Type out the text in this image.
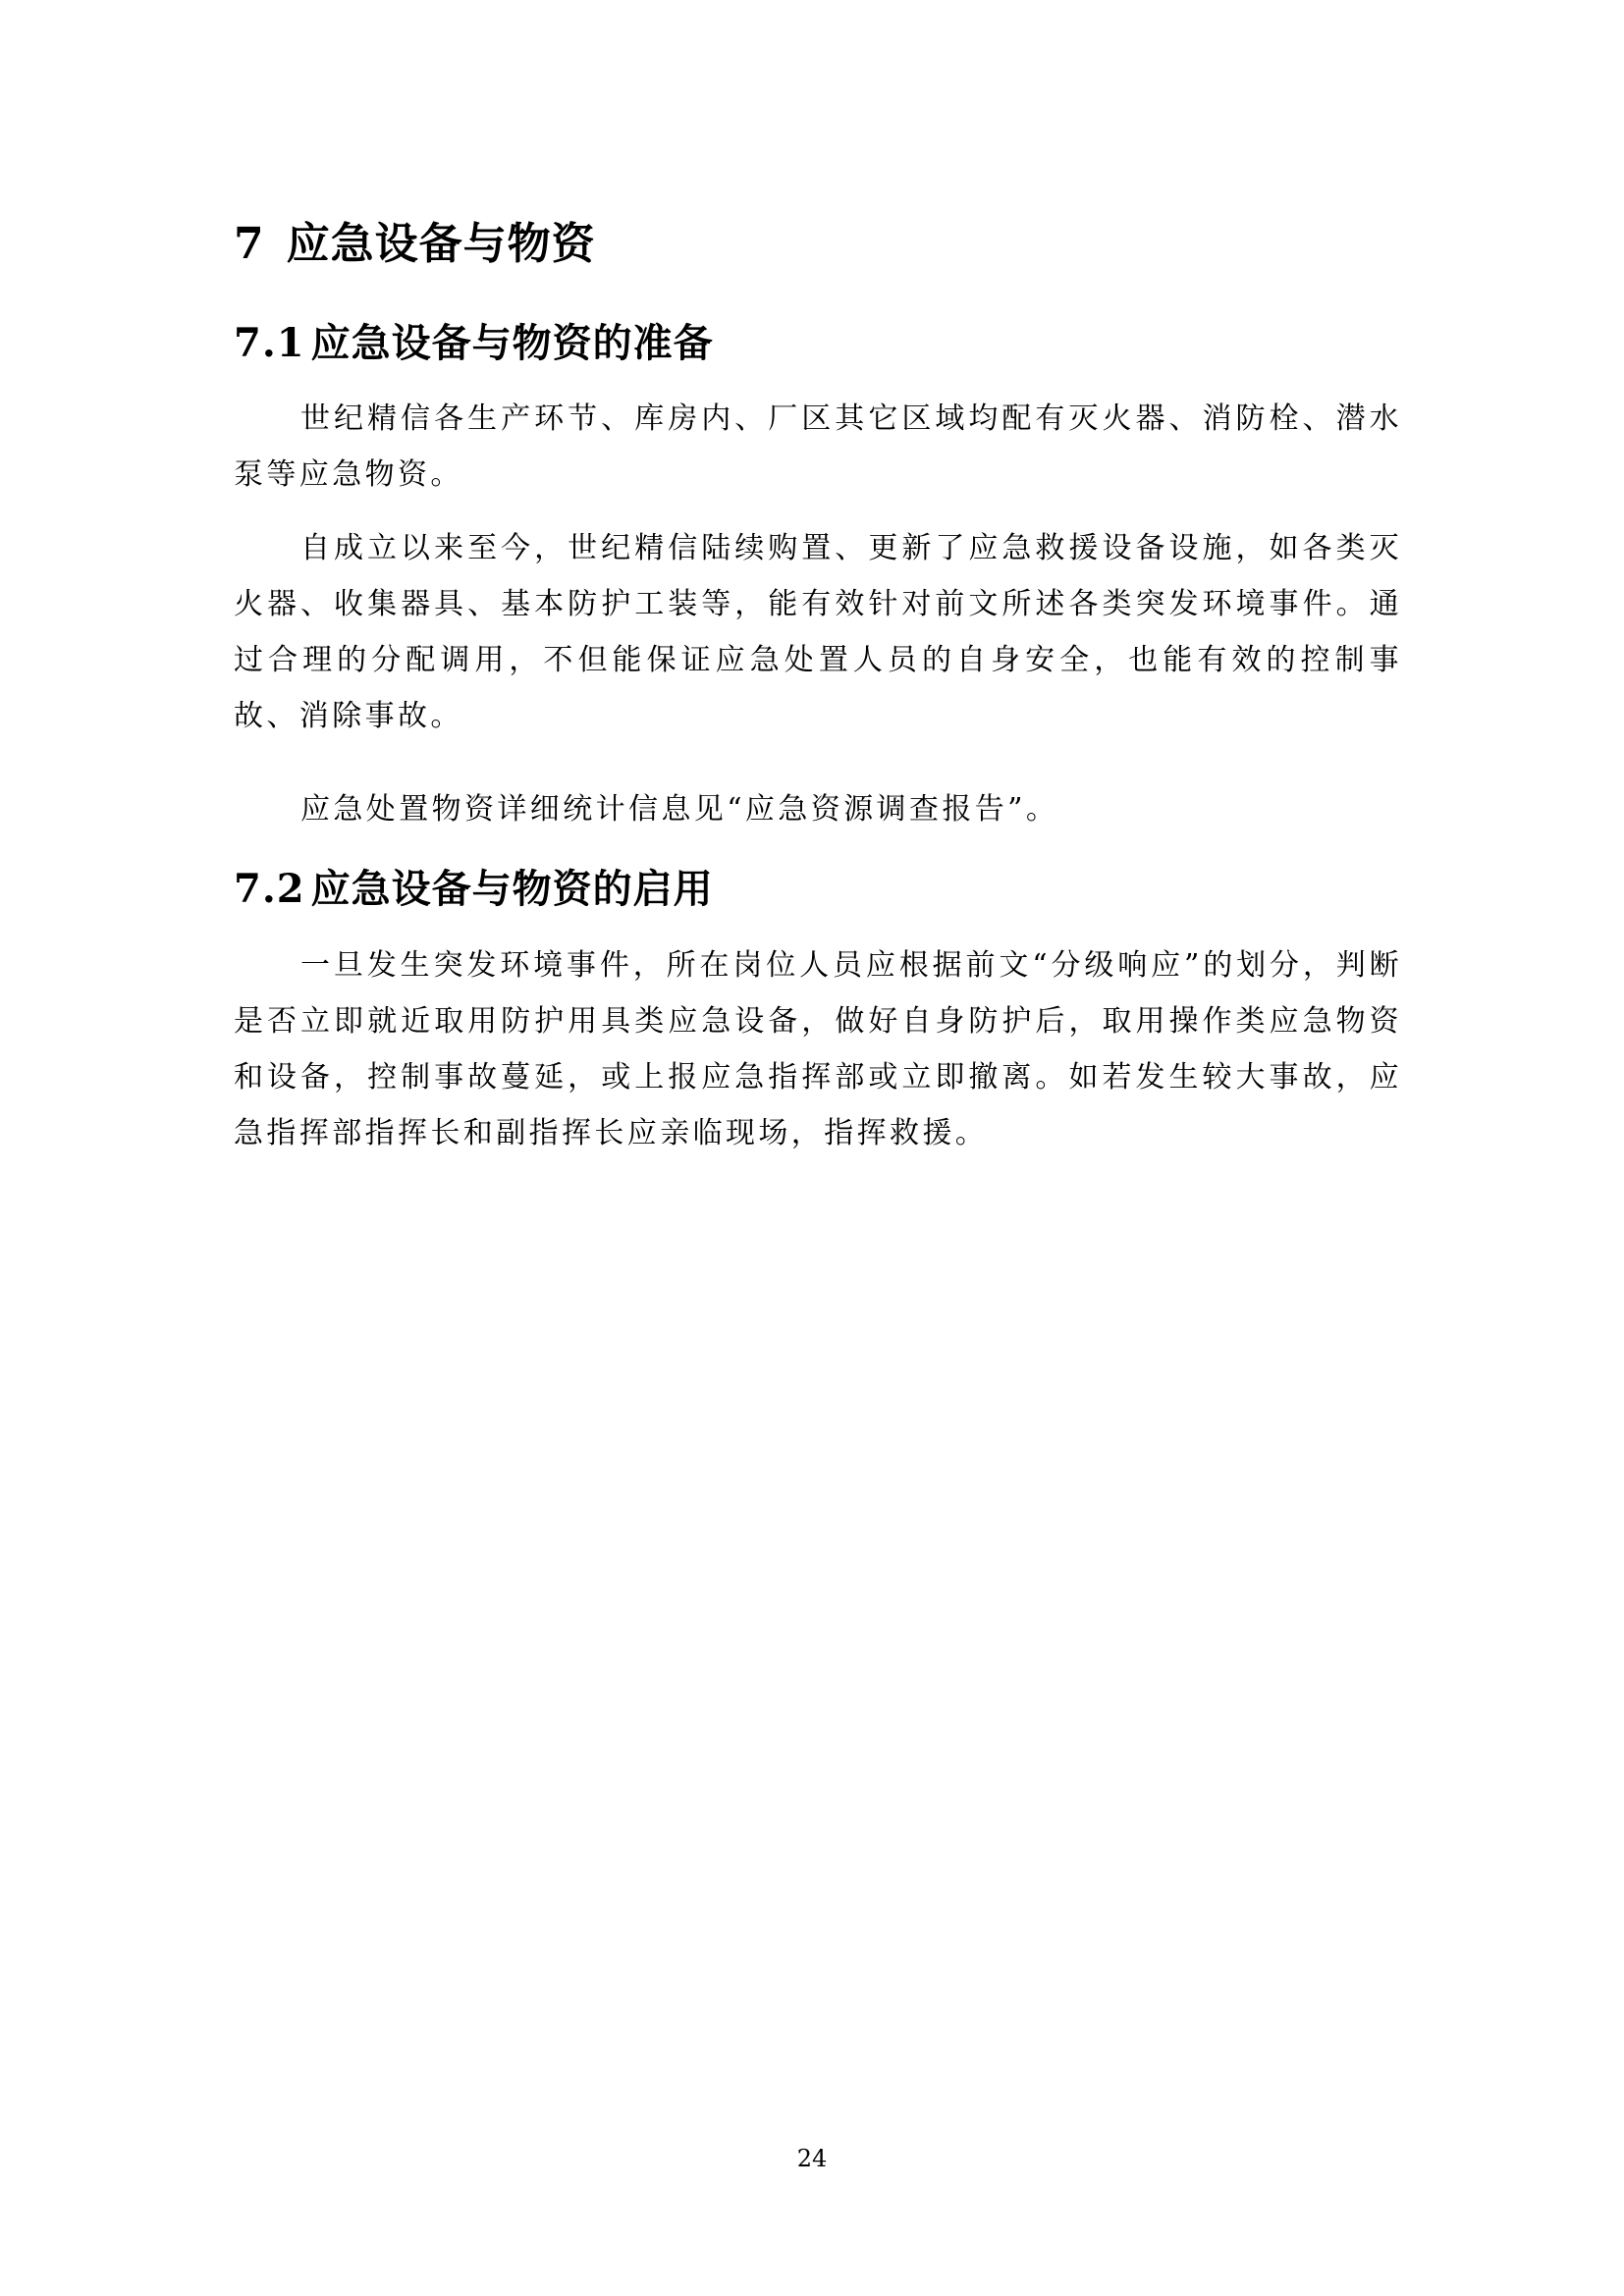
7 应急设备与物资
7.1 应急设备与物资的准备

世纪精信各生产环节、库房内、厂区其它区域均配有灭火器、消防栓、潜水泵等应急物资。

自成立以来至今，世纪精信陆续购置、更新了应急救援设备设施，如各类灭火器、收集器具、基本防护工装等，能有效针对前文所述各类突发环境事件。通过合理的分配调用，不但能保证应急处置人员的自身安全，也能有效的控制事故、消除事故。

应急处置物资详细统计信息见“应急资源调查报告”。

7.2 应急设备与物资的启用

一旦发生突发环境事件，所在岗位人员应根据前文“分级响应”的划分，判断是否立即就近取用防护用具类应急设备，做好自身防护后，取用操作类应急物资和设备，控制事故蔓延，或上报应急指挥部或立即撤离。如若发生较大事故，应急指挥部指挥长和副指挥长应亲临现场，指挥救援。

24
